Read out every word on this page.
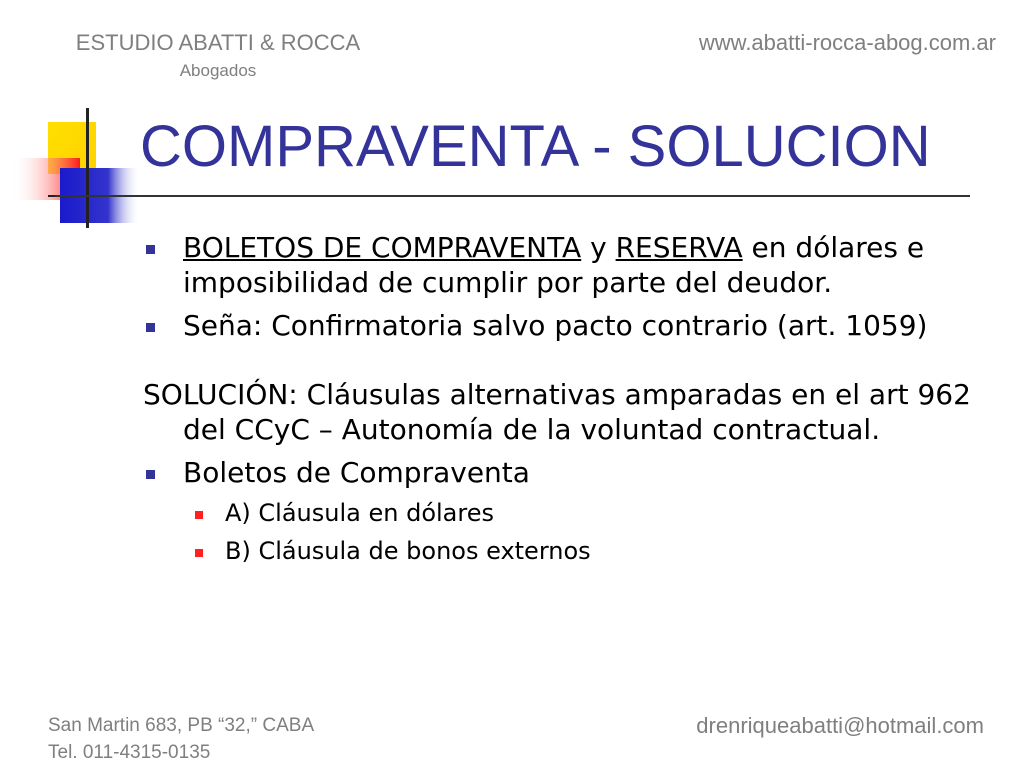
ESTUDIO ABATTI & ROCCA
Abogados
www.abatti-rocca-abog.com.ar
COMPRAVENTA - SOLUCION
BOLETOS DE COMPRAVENTA y RESERVA en dólares e imposibilidad de cumplir por parte del deudor.
Seña: Confirmatoria salvo pacto contrario (art. 1059)
SOLUCIÓN: Cláusulas alternativas amparadas en el art 962 del CCyC – Autonomía de la voluntad contractual.
Boletos de Compraventa
A) Cláusula en dólares
B) Cláusula de bonos externos
San Martin 683, PB “32,” CABA
Tel. 011-4315-0135
drenriqueabatti@hotmail.com
